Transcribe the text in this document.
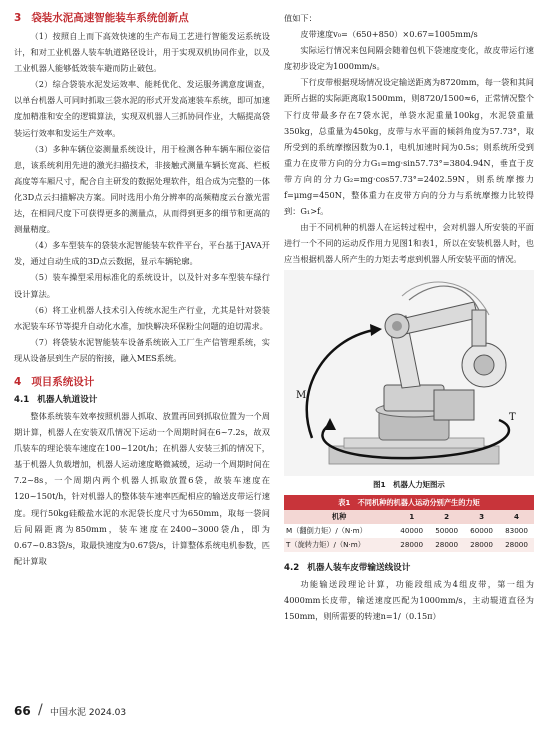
3 袋装水泥高速智能装车系统创新点

（1）按照自上而下高效快速的生产布局工艺进行智能发运系统设计，和对工业机器人装车轨道路径设计，用于实现双机协同作业，以及工业机器人能够低效装车避而防止破包。

（2）综合袋装水泥发运效率、能耗优化、发运服务满意度调查，以单台机器人可同时抓取三袋水泥的形式开发高速装车系统，即可加速度加精准和安全的逻辑算法，实现双机器人三抓协同作业，大幅提高袋装运行效率和发运生产效率。

（3）多种车辆位姿测量系统设计，用于检测各种车辆车厢位姿信息，该系统利用先进的激光扫描技术，非接触式测量车辆长宽高、栏板高度等车厢尺寸，配合自主研发的数据处理软件，组合成为完整的一体化3D点云扫描解决方案。同时选用小角分辨率的高频精度云台激光雷达，在相同尺度下可获得更多的测量点，从而得到更多的细节和更高的测量精度。

（4）多车型装车的袋装水泥智能装车软件平台，平台基于JAVA开发，通过自动生成的3D点云数据，显示车辆轮廓。

（5）装车操型采用标准化的系统设计，以及针对多车型装车绿行设计算法。

（6）将工业机器人技术引入传统水泥生产行业，尤其是针对袋装水泥装车环节等提升自动化水准，加快解决环保粉尘问题的迫切需求。

（7）将袋装水泥智能装车设备系统嵌入工厂生产信管理系统，实现从设备层到生产层的衔接，融入MES系统。

4 项目系统设计
4.1 机器人轨道设计

整体系统装车效率按照机器人抓取、放置再回到抓取位置为一个周期计算，机器人在安装双爪情况下运动一个周期时间在6~7.2s，故双爪装车的理论装车速度在100~120t/h；在机器人安装三抓的情况下，基于机器人负载增加，机器人运动速度略微减缓，运动一个周期时间在7.2~8s，一个周期内两个机器人抓取放置6袋，故装车速度在120~150t/h，针对机器人的整体装车速率匹配相应的输送皮带运行速度。现行50kg硅酸盐水泥的水泥袋长度尺寸为650mm，取每一袋间后间隔距离为850mm，装车速度在2400~3000袋/h，即为0.67~0.83袋/s，取最快速度为0.67袋/s，计算整体系统电机参数，匹配计算取

值如下：

皮带速度v₀=（650+850）×0.67=1005mm/s

实际运行情况来包间隔会随着包机下袋速度变化，故皮带运行速度初步设定为1000mm/s。

下行皮带根据现场情况设定输送距离为8720mm，每一袋和其间距所占据的实际距离取1500mm，则8720/1500≈6，正常情况整个下行皮带最多存在7袋水泥，单袋水泥重量100kg，水泥袋重量350kg，总重量为450kg，皮带与水平面的倾斜角度为57.73°，取所受到的系统摩擦因数为0.1，电机加速时间为0.5s；则系统所受到重力在皮带方向的分力G₁=mg·sin57.73°=3804.94N，垂直于皮带方向的分力G₂=mg·cos57.73°=2402.59N，则系统摩擦力f=μmg=450N，整体重力在皮带方向的分力与系统摩擦力比较得到：G₁>f。

由于不同机种的机器人在运转过程中，会对机器人所安装的平面进行一个不同的运动反作用力见图1和表1，所以在安装机器人时，也应当根据机器人所产生的力矩去考虑到机器人所安装平面的情况。

M
T
图1　机器人力矩图示
表1　不同机种的机器人运动分别产生的力矩
机种	1	2	3	4
M（翻倒力矩）/（N·m）	40000	50000	60000	83000
T（旋转力矩）/（N·m）	28000	28000	28000	28000
4.2 机器人装车皮带输送线设计

功能输送段理论计算，功能段组成为4组皮带，第一组为4000mm长皮带，输送速度匹配为1000mm/s，主动辊道直径为150mm，则所需要的转速n=1/（0.15π）

66 / 中国水泥 2024.03
